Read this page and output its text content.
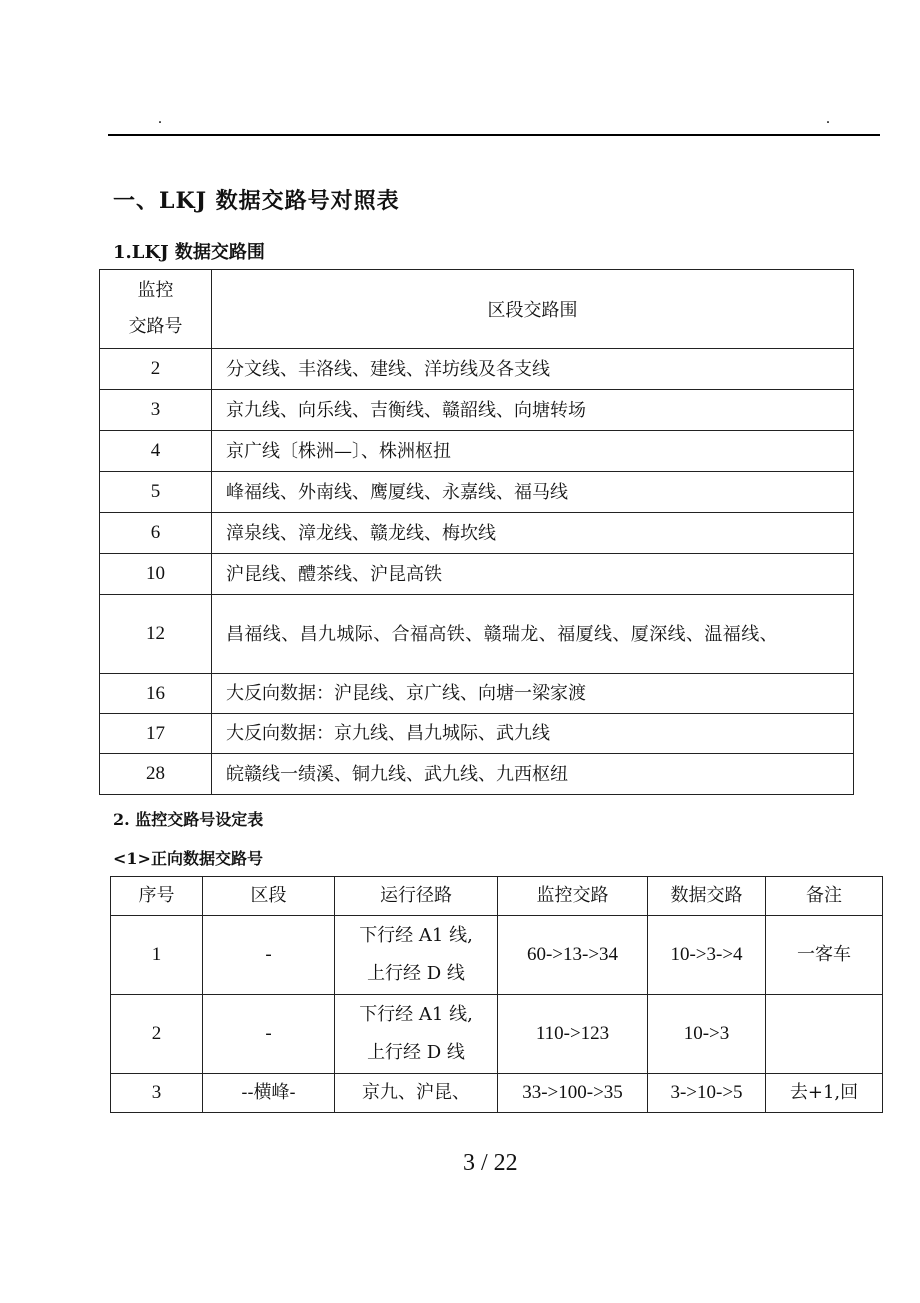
.	.
一、LKJ 数据交路号对照表
1.LKJ 数据交路围
监控
交路号	区段交路围
2	分文线、丰洛线、建线、洋坊线及各支线
3	京九线、向乐线、吉衡线、赣韶线、向塘转场
4	京广线〔株洲—〕、株洲枢扭
5	峰福线、外南线、鹰厦线、永嘉线、福马线
6	漳泉线、漳龙线、赣龙线、梅坎线
10	沪昆线、醴茶线、沪昆高铁
12	昌福线、昌九城际、合福高铁、赣瑞龙、福厦线、厦深线、温福线、
16	大反向数据：沪昆线、京广线、向塘一梁家渡
17	大反向数据：京九线、昌九城际、武九线
28	皖赣线一绩溪、铜九线、武九线、九西枢纽
2. 监控交路号设定表
<1>正向数据交路号
序号	区段	运行径路	监控交路	数据交路	备注
1	-	下行经 A1 线,
上行经 D 线	60->13->34	10->3->4	一客车
2	-	下行经 A1 线,
上行经 D 线	110->123	10->3	
3	--横峰-	京九、沪昆、	33->100->35	3->10->5	去+1,回
3 / 22
